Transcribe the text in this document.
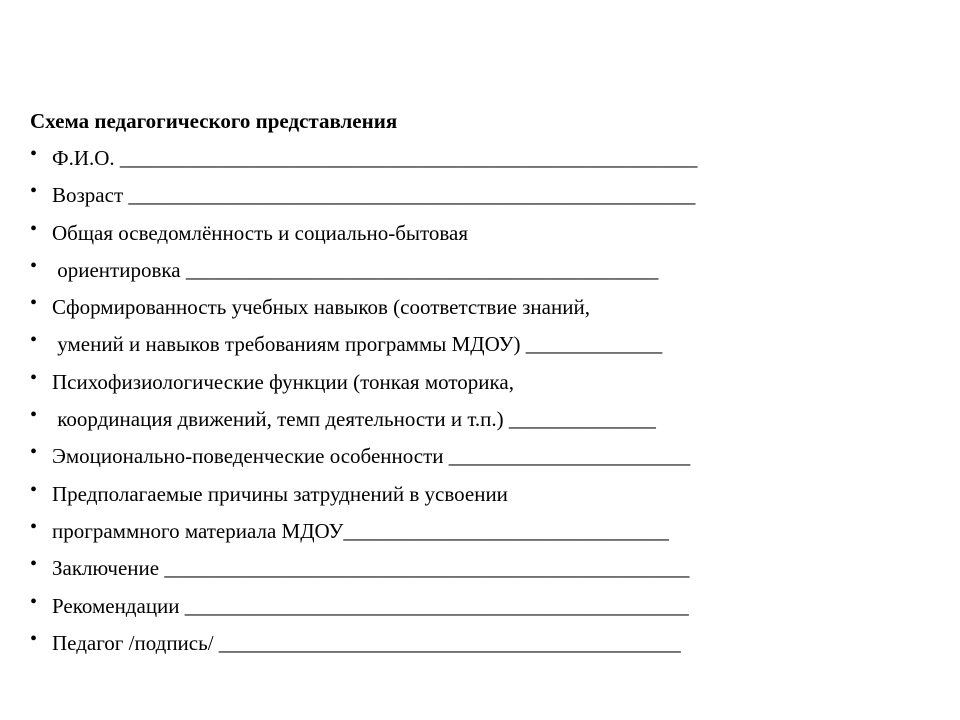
Схема педагогического представления
• Ф.И.О. _______________________________________________________
• Возраст ______________________________________________________
• Общая осведомлённость и социально-бытовая
• ориентировка _____________________________________________
• Сформированность учебных навыков (соответствие знаний,
• умений и навыков требованиям программы МДОУ) _____________
• Психофизиологические функции (тонкая моторика,
• координация движений, темп деятельности и т.п.) ______________
• Эмоционально-поведенческие особенности _______________________
• Предполагаемые причины затруднений в усвоении
• программного материала МДОУ_______________________________
• Заключение __________________________________________________
• Рекомендации ________________________________________________
• Педагог /подпись/ ____________________________________________
